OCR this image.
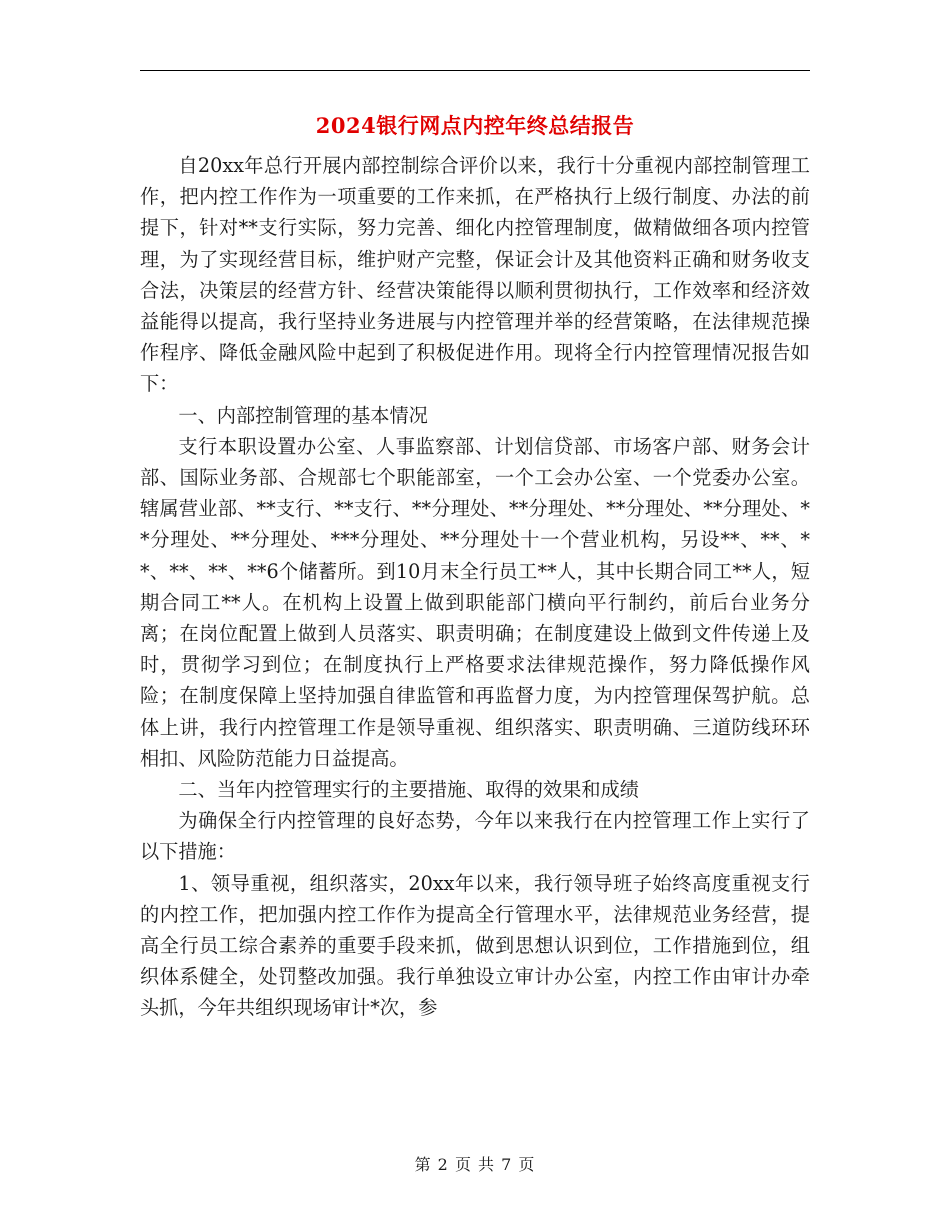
2024银行网点内控年终总结报告

自20xx年总行开展内部控制综合评价以来，我行十分重视内部控制管理工作，把内控工作作为一项重要的工作来抓，在严格执行上级行制度、办法的前提下，针对**支行实际，努力完善、细化内控管理制度，做精做细各项内控管理，为了实现经营目标，维护财产完整，保证会计及其他资料正确和财务收支合法，决策层的经营方针、经营决策能得以顺利贯彻执行，工作效率和经济效益能得以提高，我行坚持业务进展与内控管理并举的经营策略，在法律规范操作程序、降低金融风险中起到了积极促进作用。现将全行内控管理情况报告如下：

一、内部控制管理的基本情况

支行本职设置办公室、人事监察部、计划信贷部、市场客户部、财务会计部、国际业务部、合规部七个职能部室，一个工会办公室、一个党委办公室。辖属营业部、**支行、**支行、**分理处、**分理处、**分理处、**分理处、**分理处、**分理处、***分理处、**分理处十一个营业机构，另设**、**、**、**、**、**6个储蓄所。到10月末全行员工**人，其中长期合同工**人，短期合同工**人。在机构上设置上做到职能部门横向平行制约，前后台业务分离；在岗位配置上做到人员落实、职责明确；在制度建设上做到文件传递上及时，贯彻学习到位；在制度执行上严格要求法律规范操作，努力降低操作风险；在制度保障上坚持加强自律监管和再监督力度，为内控管理保驾护航。总体上讲，我行内控管理工作是领导重视、组织落实、职责明确、三道防线环环相扣、风险防范能力日益提高。

二、当年内控管理实行的主要措施、取得的效果和成绩

为确保全行内控管理的良好态势，今年以来我行在内控管理工作上实行了以下措施：

1、领导重视，组织落实，20xx年以来，我行领导班子始终高度重视支行的内控工作，把加强内控工作作为提高全行管理水平，法律规范业务经营，提高全行员工综合素养的重要手段来抓，做到思想认识到位，工作措施到位，组织体系健全，处罚整改加强。我行单独设立审计办公室，内控工作由审计办牵头抓，今年共组织现场审计*次，参

第 2 页 共 7 页
